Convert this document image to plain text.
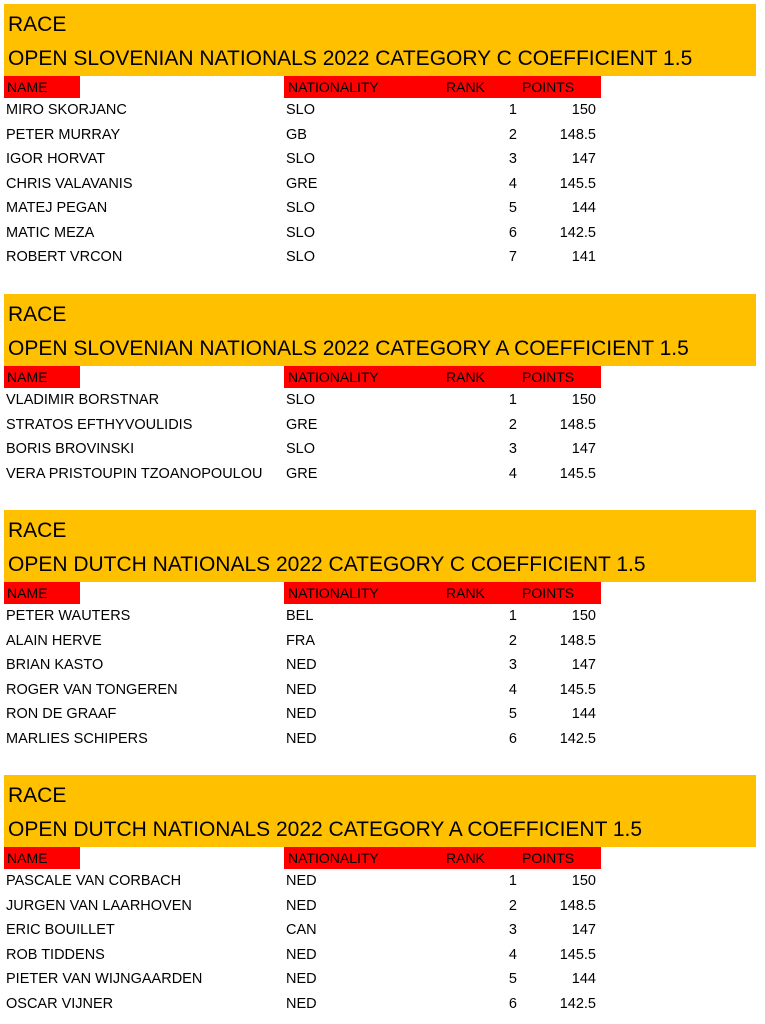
RACE
OPEN SLOVENIAN NATIONALS 2022 CATEGORY C COEFFICIENT 1.5
NAME	NATIONALITY	RANK	POINTS
MIRO SKORJANC	SLO	1	150
PETER MURRAY	GB	2	148.5
IGOR HORVAT	SLO	3	147
CHRIS VALAVANIS	GRE	4	145.5
MATEJ PEGAN	SLO	5	144
MATIC MEZA	SLO	6	142.5
ROBERT VRCON	SLO	7	141
RACE
OPEN SLOVENIAN NATIONALS 2022 CATEGORY A COEFFICIENT 1.5
NAME	NATIONALITY	RANK	POINTS
VLADIMIR BORSTNAR	SLO	1	150
STRATOS EFTHYVOULIDIS	GRE	2	148.5
BORIS BROVINSKI	SLO	3	147
VERA PRISTOUPIN TZOANOPOULOU GRE	4	145.5
RACE
OPEN DUTCH NATIONALS 2022 CATEGORY C COEFFICIENT 1.5
NAME	NATIONALITY	RANK	POINTS
PETER WAUTERS	BEL	1	150
ALAIN HERVE	FRA	2	148.5
BRIAN KASTO	NED	3	147
ROGER VAN TONGEREN	NED	4	145.5
RON DE GRAAF	NED	5	144
MARLIES SCHIPERS	NED	6	142.5
RACE
OPEN DUTCH NATIONALS 2022 CATEGORY A COEFFICIENT 1.5
NAME	NATIONALITY	RANK	POINTS
PASCALE VAN CORBACH	NED	1	150
JURGEN VAN LAARHOVEN	NED	2	148.5
ERIC BOUILLET	CAN	3	147
ROB TIDDENS	NED	4	145.5
PIETER VAN WIJNGAARDEN	NED	5	144
OSCAR VIJNER	NED	6	142.5
